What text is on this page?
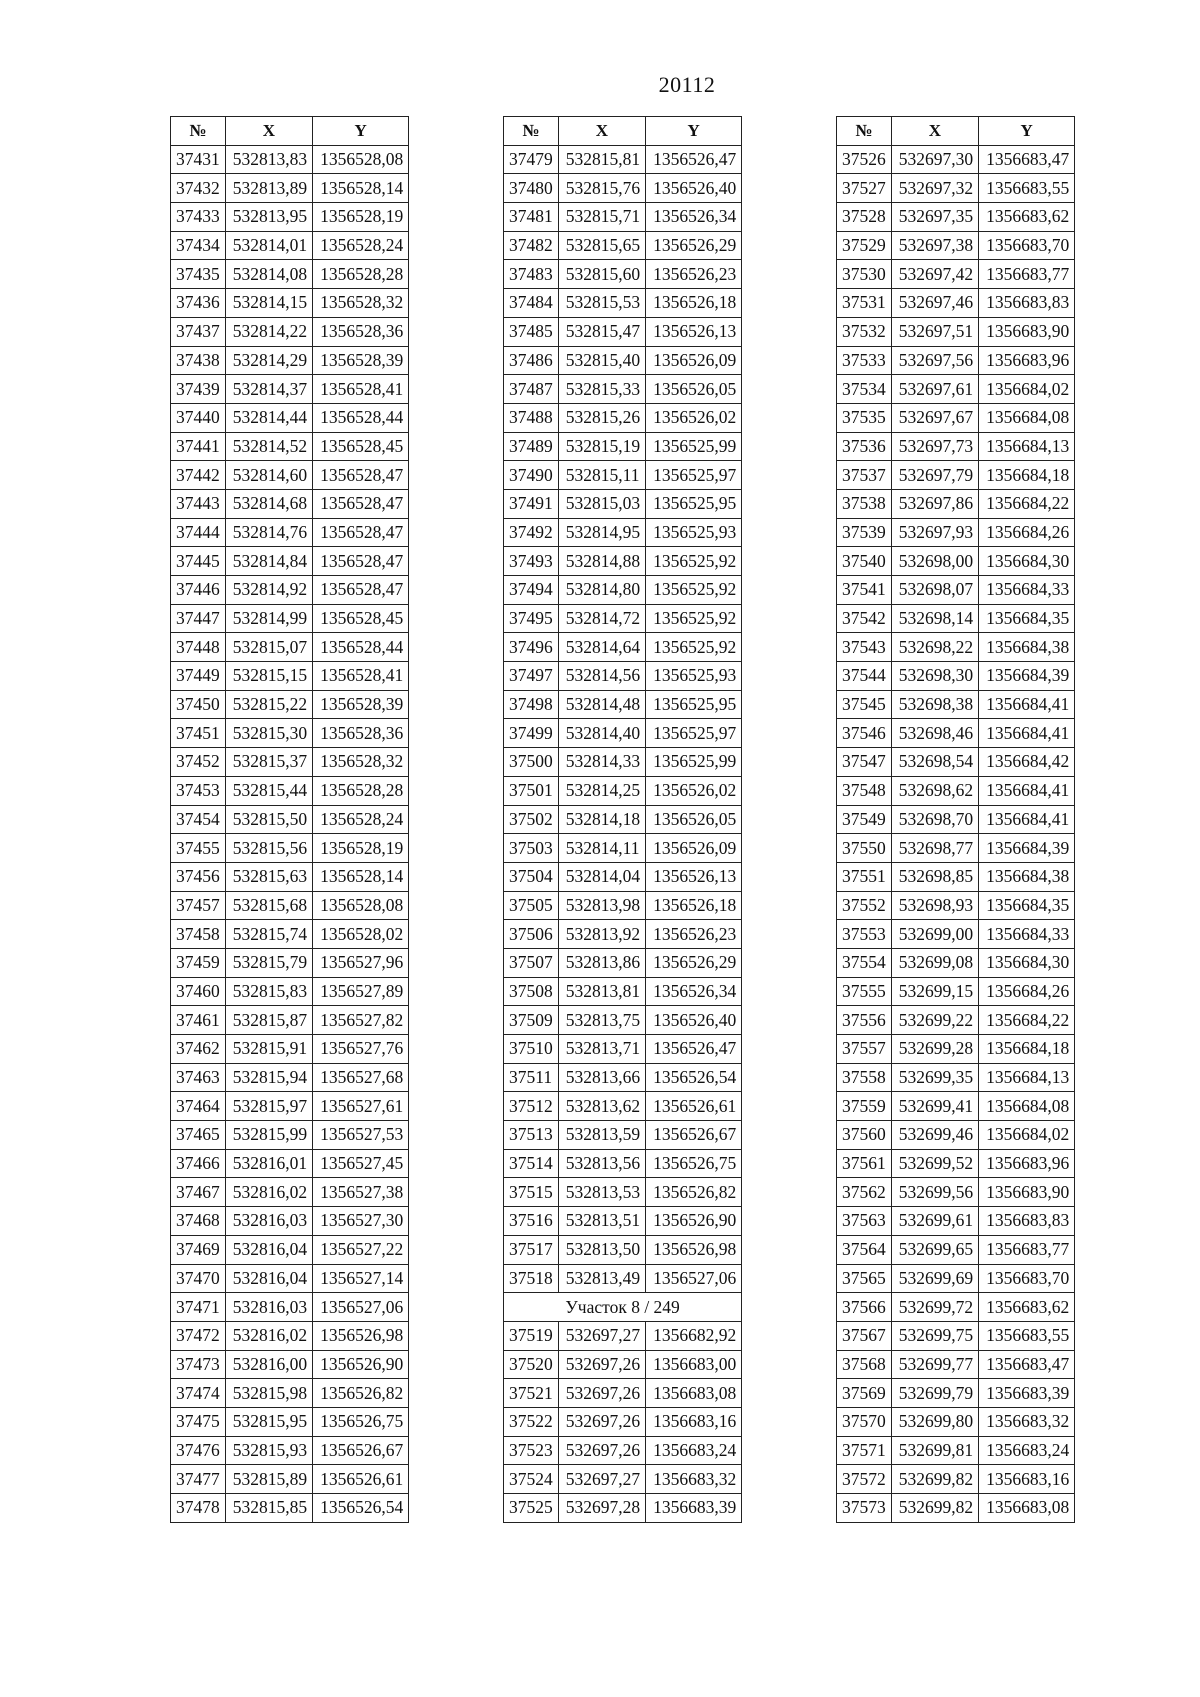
20112
№	X	Y
37431	532813,83	1356528,08
37432	532813,89	1356528,14
37433	532813,95	1356528,19
37434	532814,01	1356528,24
37435	532814,08	1356528,28
37436	532814,15	1356528,32
37437	532814,22	1356528,36
37438	532814,29	1356528,39
37439	532814,37	1356528,41
37440	532814,44	1356528,44
37441	532814,52	1356528,45
37442	532814,60	1356528,47
37443	532814,68	1356528,47
37444	532814,76	1356528,47
37445	532814,84	1356528,47
37446	532814,92	1356528,47
37447	532814,99	1356528,45
37448	532815,07	1356528,44
37449	532815,15	1356528,41
37450	532815,22	1356528,39
37451	532815,30	1356528,36
37452	532815,37	1356528,32
37453	532815,44	1356528,28
37454	532815,50	1356528,24
37455	532815,56	1356528,19
37456	532815,63	1356528,14
37457	532815,68	1356528,08
37458	532815,74	1356528,02
37459	532815,79	1356527,96
37460	532815,83	1356527,89
37461	532815,87	1356527,82
37462	532815,91	1356527,76
37463	532815,94	1356527,68
37464	532815,97	1356527,61
37465	532815,99	1356527,53
37466	532816,01	1356527,45
37467	532816,02	1356527,38
37468	532816,03	1356527,30
37469	532816,04	1356527,22
37470	532816,04	1356527,14
37471	532816,03	1356527,06
37472	532816,02	1356526,98
37473	532816,00	1356526,90
37474	532815,98	1356526,82
37475	532815,95	1356526,75
37476	532815,93	1356526,67
37477	532815,89	1356526,61
37478	532815,85	1356526,54
№	X	Y
37479	532815,81	1356526,47
37480	532815,76	1356526,40
37481	532815,71	1356526,34
37482	532815,65	1356526,29
37483	532815,60	1356526,23
37484	532815,53	1356526,18
37485	532815,47	1356526,13
37486	532815,40	1356526,09
37487	532815,33	1356526,05
37488	532815,26	1356526,02
37489	532815,19	1356525,99
37490	532815,11	1356525,97
37491	532815,03	1356525,95
37492	532814,95	1356525,93
37493	532814,88	1356525,92
37494	532814,80	1356525,92
37495	532814,72	1356525,92
37496	532814,64	1356525,92
37497	532814,56	1356525,93
37498	532814,48	1356525,95
37499	532814,40	1356525,97
37500	532814,33	1356525,99
37501	532814,25	1356526,02
37502	532814,18	1356526,05
37503	532814,11	1356526,09
37504	532814,04	1356526,13
37505	532813,98	1356526,18
37506	532813,92	1356526,23
37507	532813,86	1356526,29
37508	532813,81	1356526,34
37509	532813,75	1356526,40
37510	532813,71	1356526,47
37511	532813,66	1356526,54
37512	532813,62	1356526,61
37513	532813,59	1356526,67
37514	532813,56	1356526,75
37515	532813,53	1356526,82
37516	532813,51	1356526,90
37517	532813,50	1356526,98
37518	532813,49	1356527,06
Участок 8 / 249		
37519	532697,27	1356682,92
37520	532697,26	1356683,00
37521	532697,26	1356683,08
37522	532697,26	1356683,16
37523	532697,26	1356683,24
37524	532697,27	1356683,32
37525	532697,28	1356683,39
№	X	Y
37526	532697,30	1356683,47
37527	532697,32	1356683,55
37528	532697,35	1356683,62
37529	532697,38	1356683,70
37530	532697,42	1356683,77
37531	532697,46	1356683,83
37532	532697,51	1356683,90
37533	532697,56	1356683,96
37534	532697,61	1356684,02
37535	532697,67	1356684,08
37536	532697,73	1356684,13
37537	532697,79	1356684,18
37538	532697,86	1356684,22
37539	532697,93	1356684,26
37540	532698,00	1356684,30
37541	532698,07	1356684,33
37542	532698,14	1356684,35
37543	532698,22	1356684,38
37544	532698,30	1356684,39
37545	532698,38	1356684,41
37546	532698,46	1356684,41
37547	532698,54	1356684,42
37548	532698,62	1356684,41
37549	532698,70	1356684,41
37550	532698,77	1356684,39
37551	532698,85	1356684,38
37552	532698,93	1356684,35
37553	532699,00	1356684,33
37554	532699,08	1356684,30
37555	532699,15	1356684,26
37556	532699,22	1356684,22
37557	532699,28	1356684,18
37558	532699,35	1356684,13
37559	532699,41	1356684,08
37560	532699,46	1356684,02
37561	532699,52	1356683,96
37562	532699,56	1356683,90
37563	532699,61	1356683,83
37564	532699,65	1356683,77
37565	532699,69	1356683,70
37566	532699,72	1356683,62
37567	532699,75	1356683,55
37568	532699,77	1356683,47
37569	532699,79	1356683,39
37570	532699,80	1356683,32
37571	532699,81	1356683,24
37572	532699,82	1356683,16
37573	532699,82	1356683,08
